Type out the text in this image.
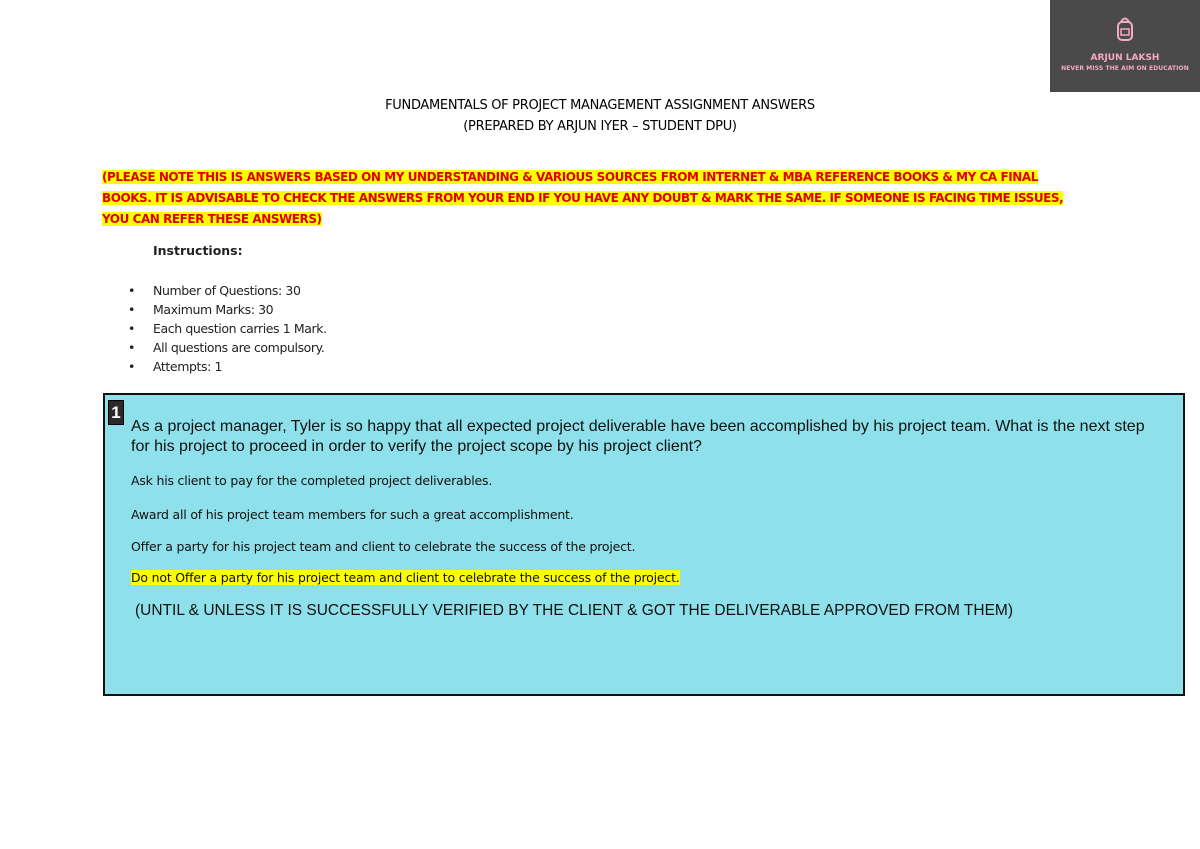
ARJUN LAKSH
NEVER MISS THE AIM ON EDUCATION
FUNDAMENTALS OF PROJECT MANAGEMENT ASSIGNMENT ANSWERS
(PREPARED BY ARJUN IYER – STUDENT DPU)
(PLEASE NOTE THIS IS ANSWERS BASED ON MY UNDERSTANDING & VARIOUS SOURCES FROM INTERNET & MBA REFERENCE BOOKS & MY CA FINAL
BOOKS. IT IS ADVISABLE TO CHECK THE ANSWERS FROM YOUR END IF YOU HAVE ANY DOUBT & MARK THE SAME. IF SOMEONE IS FACING TIME ISSUES,
YOU CAN REFER THESE ANSWERS)
Instructions:
• Number of Questions: 30
• Maximum Marks: 30
• Each question carries 1 Mark.
• All questions are compulsory.
• Attempts: 1
1
As a project manager, Tyler is so happy that all expected project deliverable have been accomplished by his project team. What is the next step
for his project to proceed in order to verify the project scope by his project client?
Ask his client to pay for the completed project deliverables.
Award all of his project team members for such a great accomplishment.
Offer a party for his project team and client to celebrate the success of the project.
Do not Offer a party for his project team and client to celebrate the success of the project.
(UNTIL & UNLESS IT IS SUCCESSFULLY VERIFIED BY THE CLIENT & GOT THE DELIVERABLE APPROVED FROM THEM)
